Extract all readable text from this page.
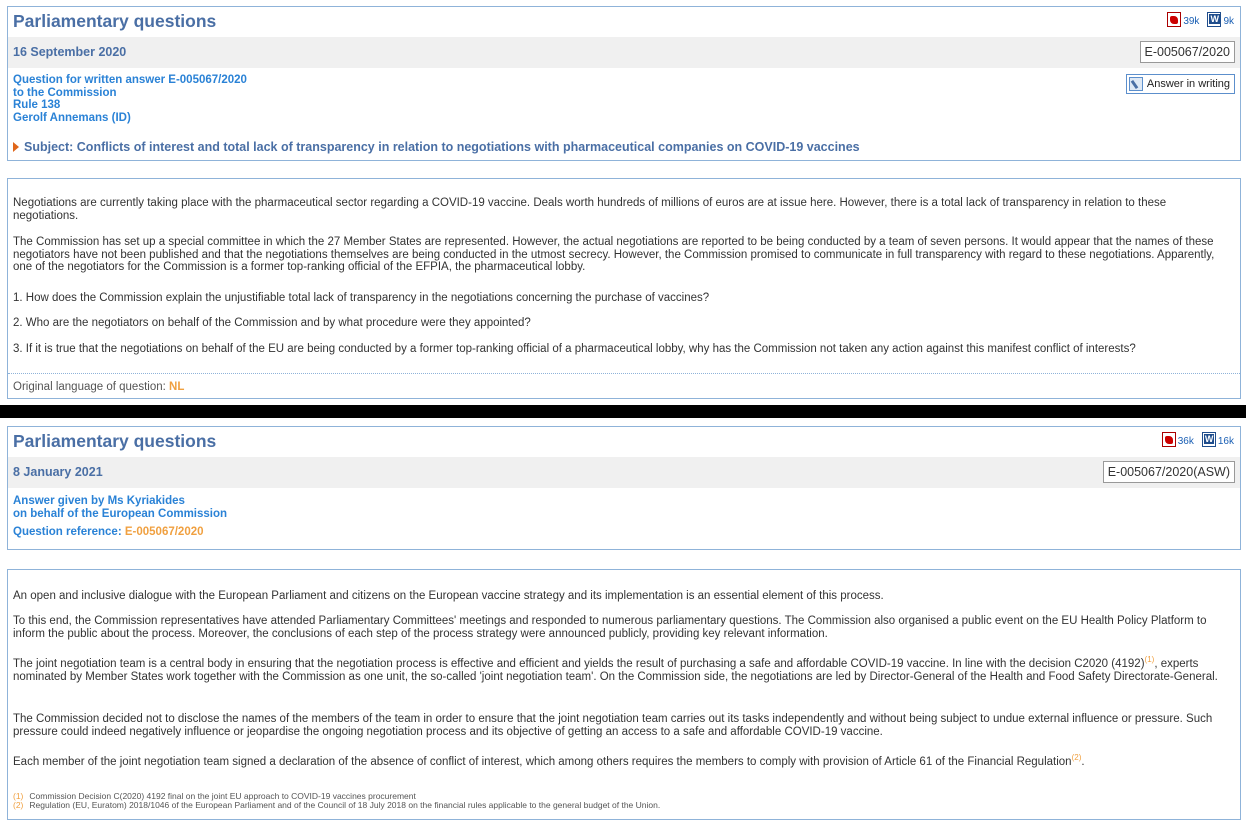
Parliamentary questions	39k W 9k
16 September 2020	E-005067/2020
Question for written answer E-005067/2020
to the Commission
Rule 138
Gerolf Annemans (ID)
Answer in writing
Subject: Conflicts of interest and total lack of transparency in relation to negotiations with pharmaceutical companies on COVID-19 vaccines

Negotiations are currently taking place with the pharmaceutical sector regarding a COVID-19 vaccine. Deals worth hundreds of millions of euros are at issue here. However, there is a total lack of transparency in relation to these negotiations.

The Commission has set up a special committee in which the 27 Member States are represented. However, the actual negotiations are reported to be being conducted by a team of seven persons. It would appear that the names of these negotiators have not been published and that the negotiations themselves are being conducted in the utmost secrecy. However, the Commission promised to communicate in full transparency with regard to these negotiations. Apparently, one of the negotiators for the Commission is a former top-ranking official of the EFPIA, the pharmaceutical lobby.

1. How does the Commission explain the unjustifiable total lack of transparency in the negotiations concerning the purchase of vaccines?

2. Who are the negotiators on behalf of the Commission and by what procedure were they appointed?

3. If it is true that the negotiations on behalf of the EU are being conducted by a former top-ranking official of a pharmaceutical lobby, why has the Commission not taken any action against this manifest conflict of interests?

Original language of question: NL
Parliamentary questions	36k W 16k
8 January 2021	E-005067/2020(ASW)
Answer given by Ms Kyriakides
on behalf of the European Commission
Question reference: E-005067/2020

An open and inclusive dialogue with the European Parliament and citizens on the European vaccine strategy and its implementation is an essential element of this process.

To this end, the Commission representatives have attended Parliamentary Committees' meetings and responded to numerous parliamentary questions. The Commission also organised a public event on the EU Health Policy Platform to inform the public about the process. Moreover, the conclusions of each step of the process strategy were announced publicly, providing key relevant information.

The joint negotiation team is a central body in ensuring that the negotiation process is effective and efficient and yields the result of purchasing a safe and affordable COVID-19 vaccine. In line with the decision C2020 $(4192)^{(1)}$, experts nominated by Member States work together with the Commission as one unit, the so-called 'joint negotiation team'. On the Commission side, the negotiations are led by Director-General of the Health and Food Safety Directorate-General.

The Commission decided not to disclose the names of the members of the team in order to ensure that the joint negotiation team carries out its tasks independently and without being subject to undue external influence or pressure. Such pressure could indeed negatively influence or jeopardise the ongoing negotiation process and its objective of getting an access to a safe and affordable COVID-19 vaccine.

Each member of the joint negotiation team signed a declaration of the absence of conflict of interest, which among others requires the members to comply with provision of Article 61 of the Financial Regulation$^{(2)}$.

(1) Commission Decision C(2020) 4192 final on the joint EU approach to COVID-19 vaccines procurement
(2) Regulation (EU, Euratom) 2018/1046 of the European Parliament and of the Council of 18 July 2018 on the financial rules applicable to the general budget of the Union.
